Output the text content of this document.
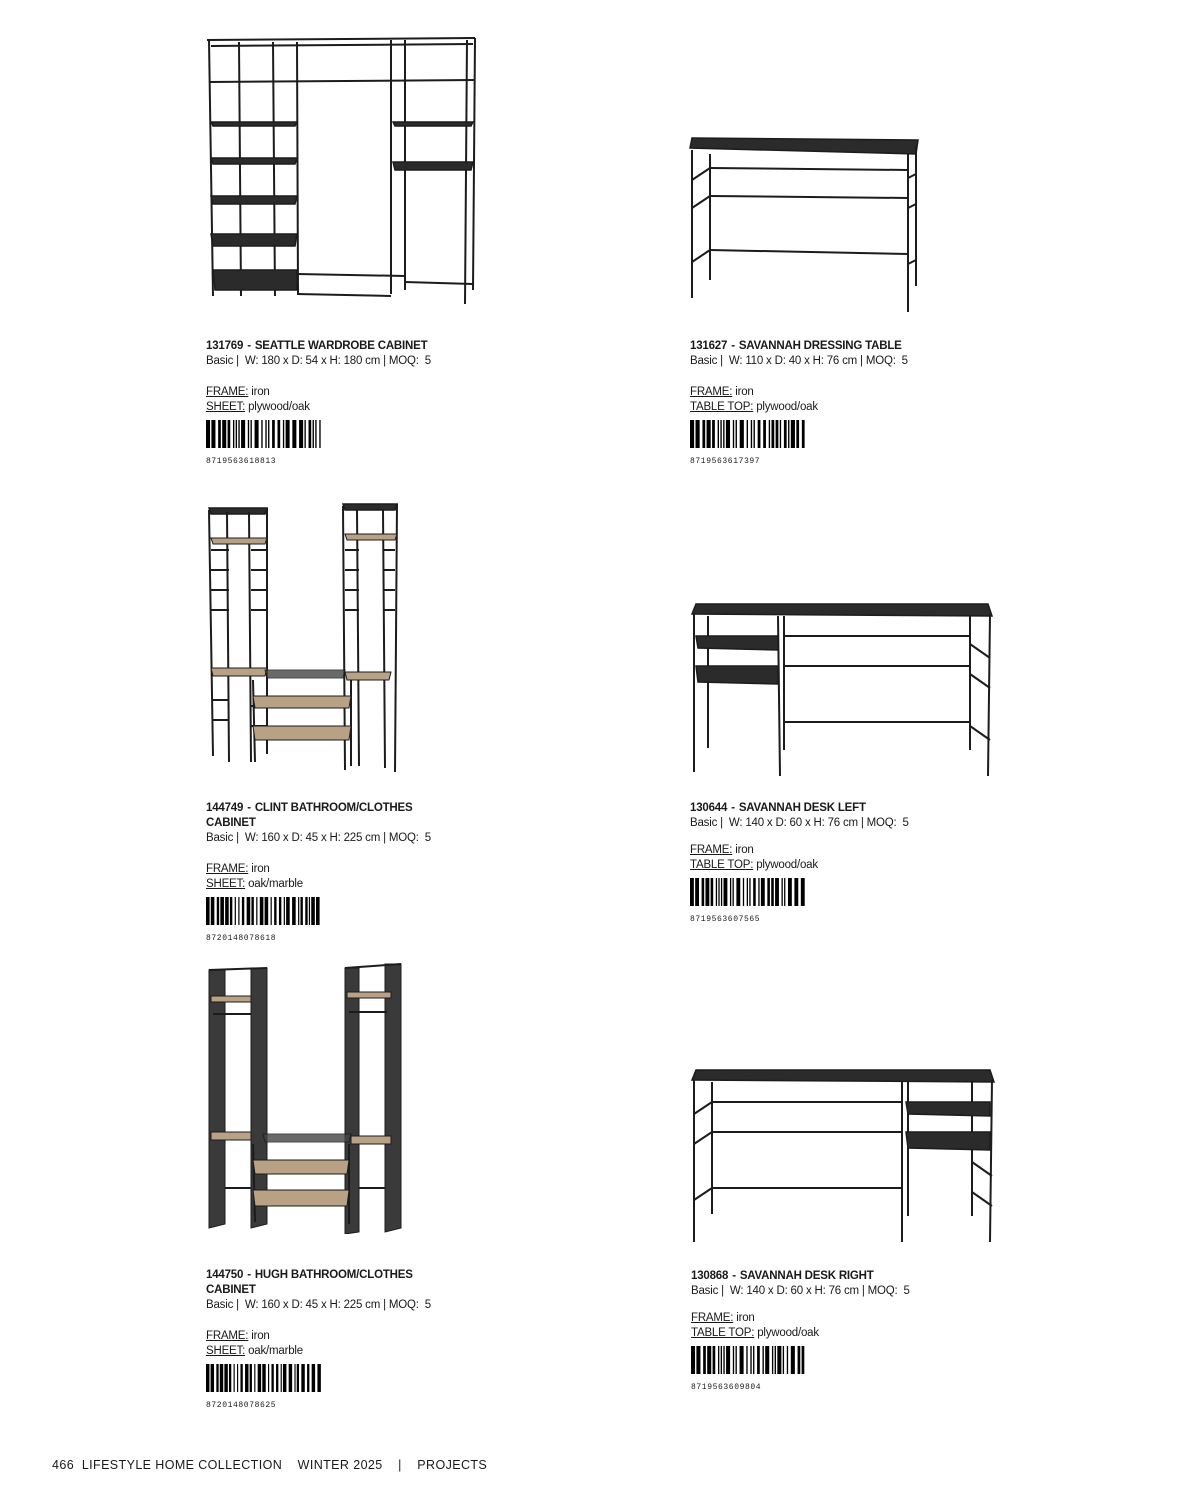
131769 - SEATTLE WARDROBE CABINET
Basic |  W: 180 x D: 54 x H: 180 cm | MOQ:  5
FRAME: iron
SHEET: plywood/oak
8719563618813
131627 - SAVANNAH DRESSING TABLE
Basic |  W: 110 x D: 40 x H: 76 cm | MOQ:  5
FRAME: iron
TABLE TOP: plywood/oak
8719563617397
144749 - CLINT BATHROOM/CLOTHES CABINET
Basic |  W: 160 x D: 45 x H: 225 cm | MOQ:  5
FRAME: iron
SHEET: oak/marble
8720148078618
130644 - SAVANNAH DESK LEFT
Basic |  W: 140 x D: 60 x H: 76 cm | MOQ:  5
FRAME: iron
TABLE TOP: plywood/oak
8719563607565
144750 - HUGH BATHROOM/CLOTHES CABINET
Basic |  W: 160 x D: 45 x H: 225 cm | MOQ:  5
FRAME: iron
SHEET: oak/marble
8720148078625
130868 - SAVANNAH DESK RIGHT
Basic |  W: 140 x D: 60 x H: 76 cm | MOQ:  5
FRAME: iron
TABLE TOP: plywood/oak
8719563609804
466 LIFESTYLE HOME COLLECTION WINTER 2025 | PROJECTS
